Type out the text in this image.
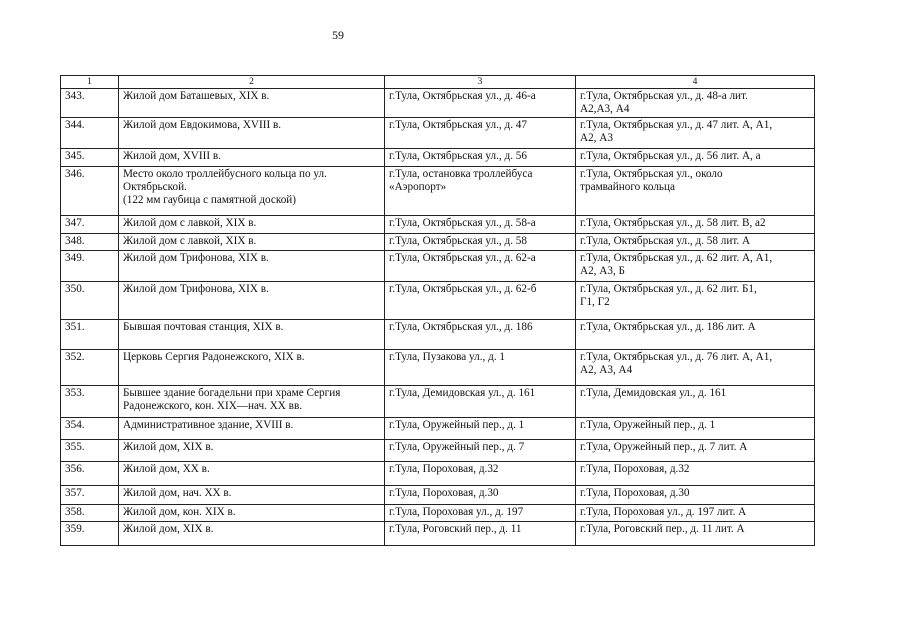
59
1	2	3	4
343.	Жилой дом Баташевых, XIX в.	г.Тула, Октябрьская ул., д. 46-а	г.Тула, Октябрьская ул., д. 48-а лит.
А2,А3, А4
344.	Жилой дом Евдокимова, XVIII в.	г.Тула, Октябрьская ул., д. 47	г.Тула, Октябрьская ул., д. 47 лит. А, А1,
А2, А3
345.	Жилой дом, XVIII в.	г.Тула, Октябрьская ул., д. 56	г.Тула, Октябрьская ул., д. 56 лит. А, а
346.	Место около троллейбусного кольца по ул.
Октябрьской.
(122 мм гаубица с памятной доской)	г.Тула, остановка троллейбуса
«Аэропорт»	г.Тула, Октябрьская ул., около
трамвайного кольца
347.	Жилой дом с лавкой, XIX в.	г.Тула, Октябрьская ул., д. 58-а	г.Тула, Октябрьская ул., д. 58 лит. В, а2
348.	Жилой дом с лавкой, XIX в.	г.Тула, Октябрьская ул., д. 58	г.Тула, Октябрьская ул., д. 58 лит. А
349.	Жилой дом Трифонова, XIX в.	г.Тула, Октябрьская ул., д. 62-а	г.Тула, Октябрьская ул., д. 62 лит. А, А1,
А2, А3, Б
350.	Жилой дом Трифонова, XIX в.	г.Тула, Октябрьская ул., д. 62-б	г.Тула, Октябрьская ул., д. 62 лит. Б1,
Г1, Г2
351.	Бывшая почтовая станция, XIX в.	г.Тула, Октябрьская ул., д. 186	г.Тула, Октябрьская ул., д. 186 лит. А
352.	Церковь Сергия Радонежского, XIX в.	г.Тула, Пузакова ул., д. 1	г.Тула, Октябрьская ул., д. 76 лит. А, А1,
А2, А3, А4
353.	Бывшее здание богадельни при храме Сергия
Радонежского, кон. XIX—нач. XX вв.	г.Тула, Демидовская ул., д. 161	г.Тула, Демидовская ул., д. 161
354.	Административное здание, XVIII в.	г.Тула, Оружейный пер., д. 1	г.Тула, Оружейный пер., д. 1
355.	Жилой дом, XIX в.	г.Тула, Оружейный пер., д. 7	г.Тула, Оружейный пер., д. 7 лит. А
356.	Жилой дом, XX в.	г.Тула, Пороховая, д.32	г.Тула, Пороховая, д.32
357.	Жилой дом, нач. XX в.	г.Тула, Пороховая, д.30	г.Тула, Пороховая, д.30
358.	Жилой дом, кон. XIX в.	г.Тула, Пороховая ул., д. 197	г.Тула, Пороховая ул., д. 197 лит. А
359.	Жилой дом, XIX в.	г.Тула, Роговский пер., д. 11	г.Тула, Роговский пер., д. 11 лит. А
